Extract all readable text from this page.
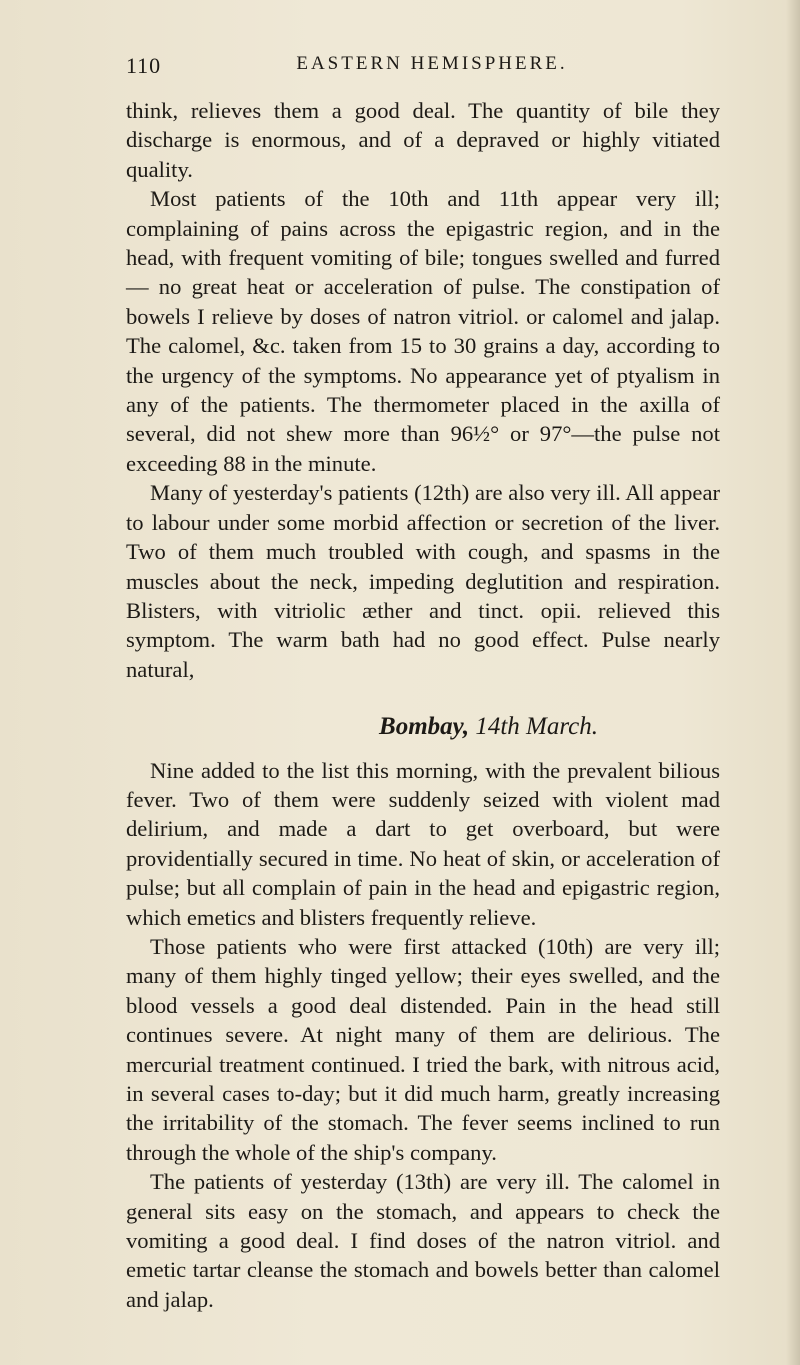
110	EASTERN HEMISPHERE.

think, relieves them a good deal. The quantity of bile they discharge is enormous, and of a depraved or highly vitiated quality.

Most patients of the 10th and 11th appear very ill; complaining of pains across the epigastric region, and in the head, with frequent vomiting of bile; tongues swelled and furred— no great heat or acceleration of pulse. The constipation of bowels I relieve by doses of natron vitriol. or calomel and jalap. The calomel, &c. taken from 15 to 30 grains a day, according to the urgency of the symptoms. No appearance yet of ptyalism in any of the patients. The thermometer placed in the axilla of several, did not shew more than 96½° or 97°—the pulse not exceeding 88 in the minute.

Many of yesterday's patients (12th) are also very ill. All appear to labour under some morbid affection or secretion of the liver. Two of them much troubled with cough, and spasms in the muscles about the neck, impeding deglutition and respiration. Blisters, with vitriolic æther and tinct. opii. relieved this symptom. The warm bath had no good effect. Pulse nearly natural,

Bombay, 14th March.

Nine added to the list this morning, with the prevalent bilious fever. Two of them were suddenly seized with violent mad delirium, and made a dart to get overboard, but were providentially secured in time. No heat of skin, or acceleration of pulse; but all complain of pain in the head and epigastric region, which emetics and blisters frequently relieve.

Those patients who were first attacked (10th) are very ill; many of them highly tinged yellow; their eyes swelled, and the blood vessels a good deal distended. Pain in the head still continues severe. At night many of them are delirious. The mercurial treatment continued. I tried the bark, with nitrous acid, in several cases to-day; but it did much harm, greatly increasing the irritability of the stomach. The fever seems inclined to run through the whole of the ship's company.

The patients of yesterday (13th) are very ill. The calomel in general sits easy on the stomach, and appears to check the vomiting a good deal. I find doses of the natron vitriol. and emetic tartar cleanse the stomach and bowels better than calomel and jalap.
